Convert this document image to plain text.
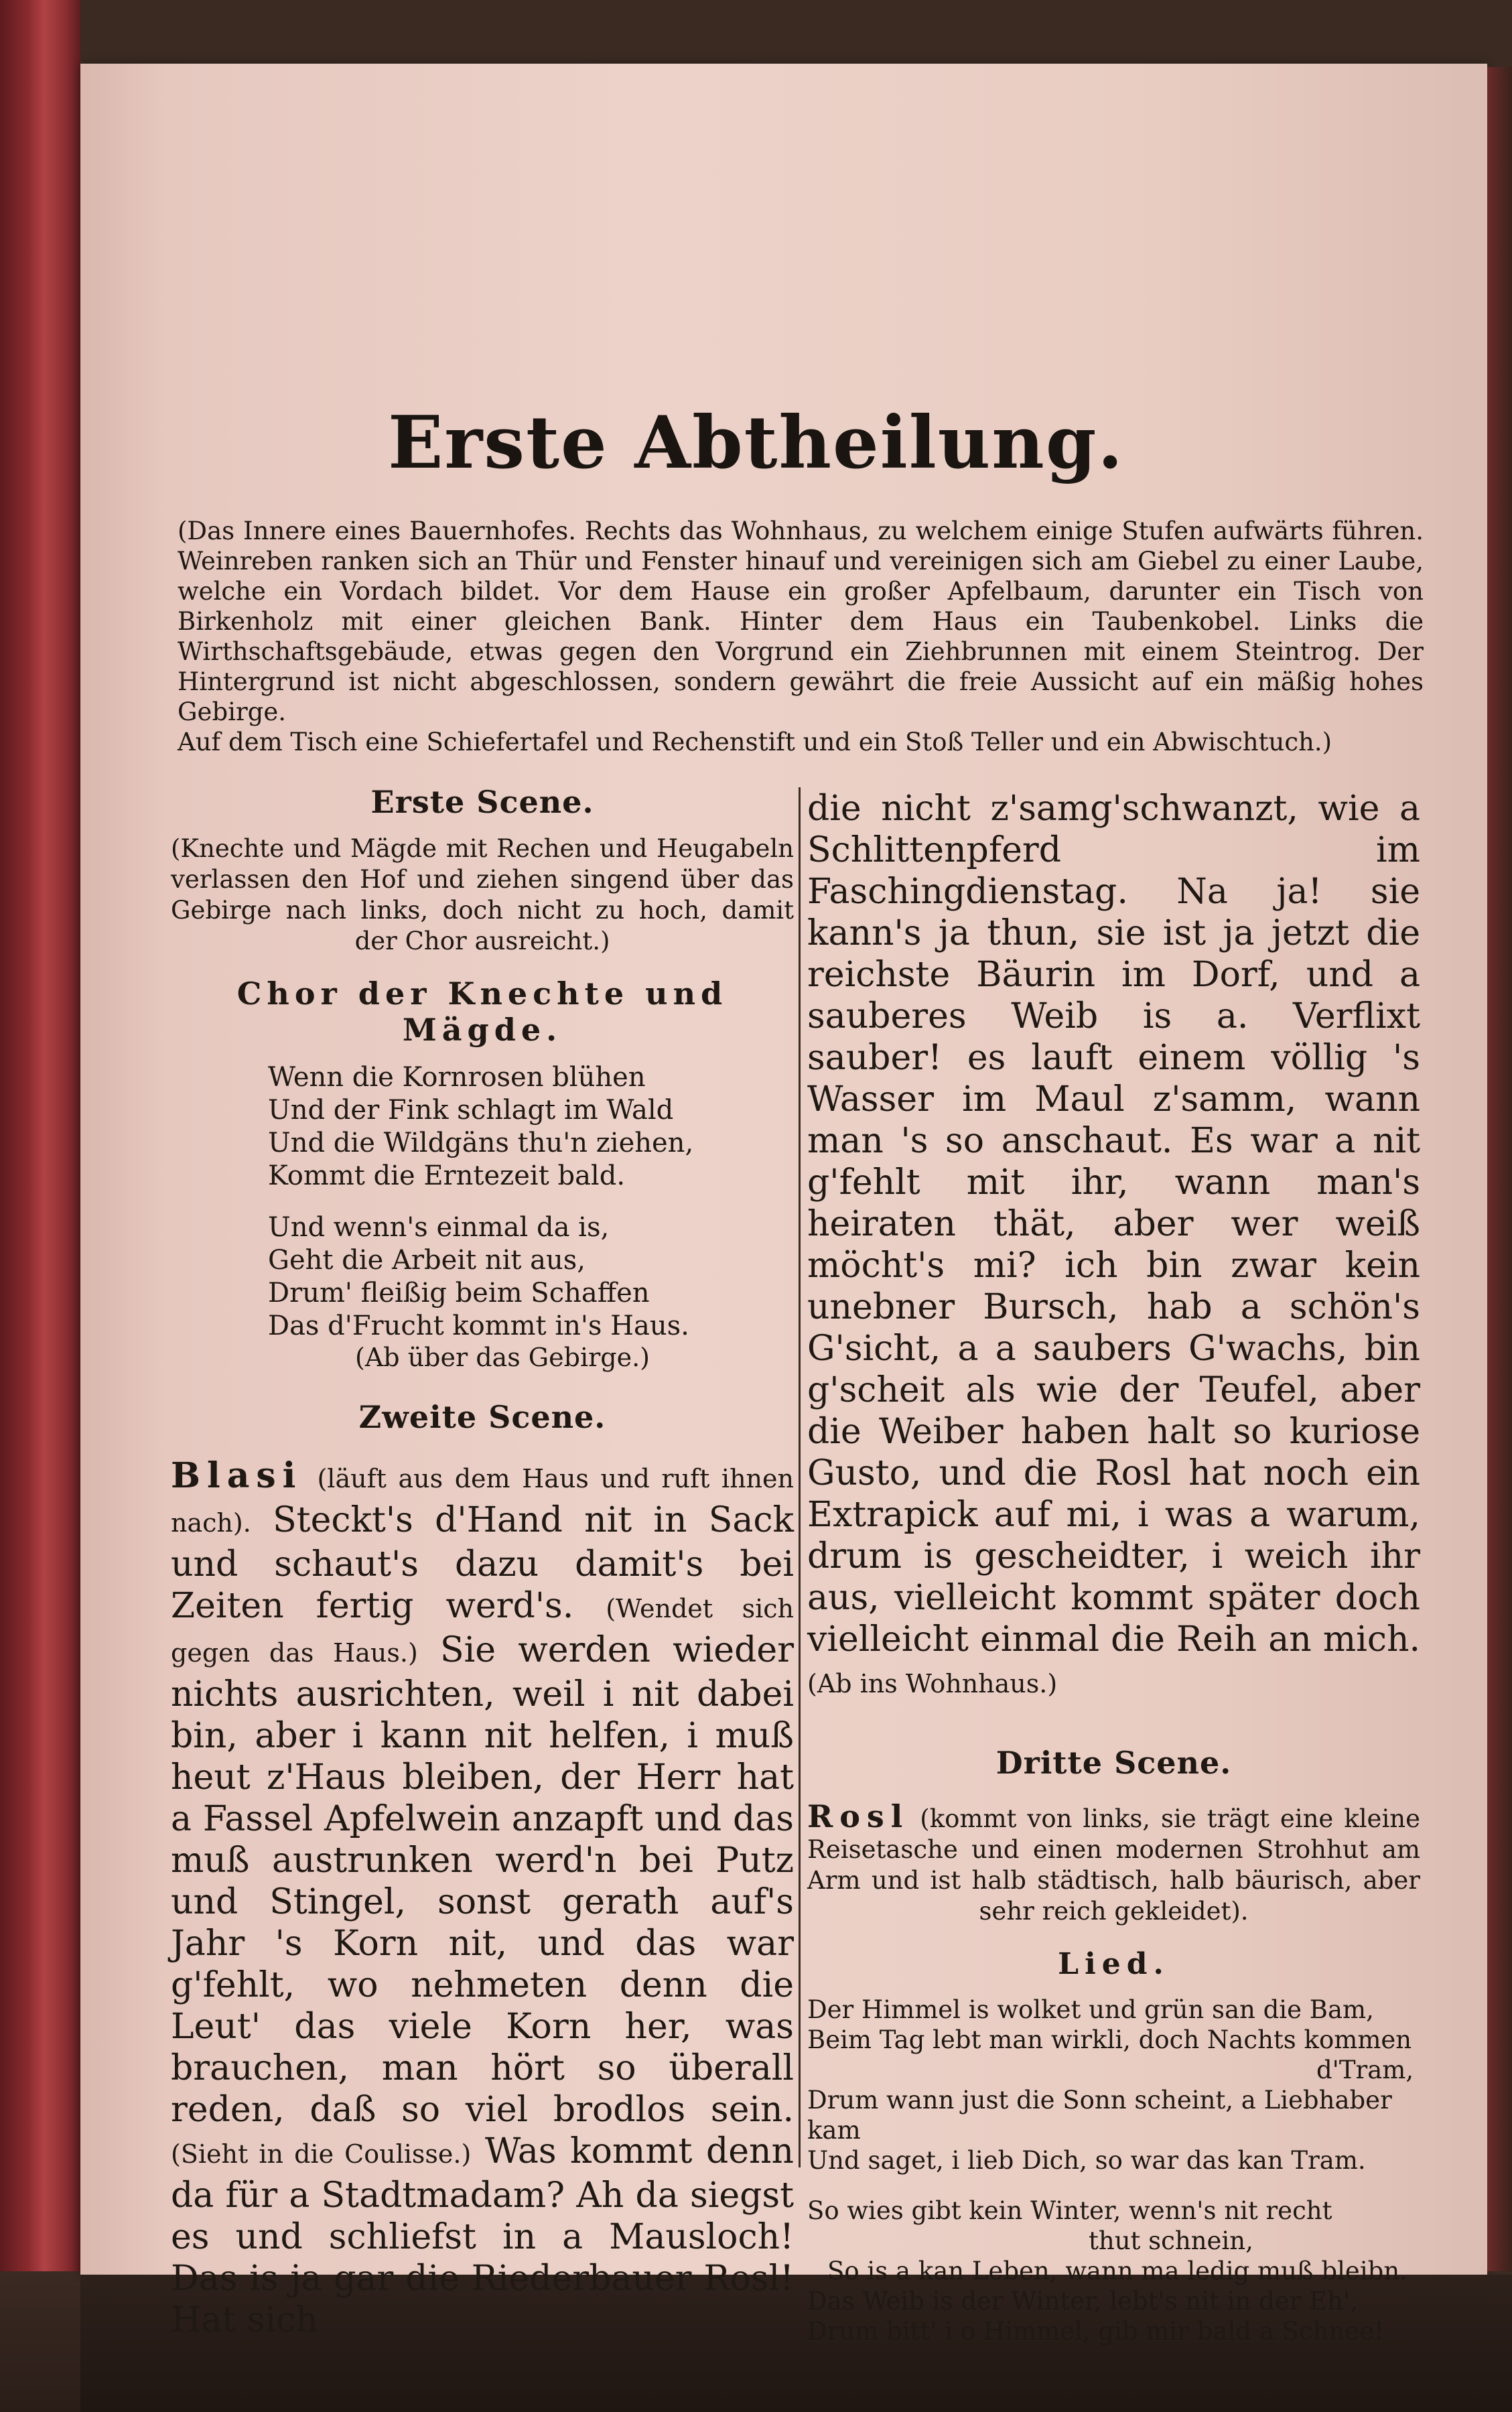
Erste Abtheilung.
(Das Innere eines Bauernhofes. Rechts das Wohnhaus, zu welchem einige Stufen aufwärts führen. Weinreben ranken sich an Thür und Fenster hinauf und vereinigen sich am Giebel zu einer Laube, welche ein Vordach bildet. Vor dem Hause ein großer Apfelbaum, darunter ein Tisch von Birkenholz mit einer gleichen Bank. Hinter dem Haus ein Taubenkobel. Links die Wirthschaftsgebäude, etwas gegen den Vorgrund ein Ziehbrunnen mit einem Steintrog. Der Hintergrund ist nicht abgeschlossen, sondern gewährt die freie Aussicht auf ein mäßig hohes Gebirge.
Auf dem Tisch eine Schiefertafel und Rechenstift und ein Stoß Teller und ein Abwischtuch.)
Erste Scene.
(Knechte und Mägde mit Rechen und Heugabeln verlassen den Hof und ziehen singend über das Gebirge nach links, doch nicht zu hoch, damit der Chor ausreicht.)
Chor der Knechte und Mägde.
Wenn die Kornrosen blühen
Und der Fink schlagt im Wald
Und die Wildgäns thu'n ziehen,
Kommt die Erntezeit bald.
Und wenn's einmal da is,
Geht die Arbeit nit aus,
Drum' fleißig beim Schaffen
Das d'Frucht kommt in's Haus.
(Ab über das Gebirge.)
Zweite Scene.
Blasi (läuft aus dem Haus und ruft ihnen nach). Steckt's d'Hand nit in Sack und schaut's dazu damit's bei Zeiten fertig werd's. (Wendet sich gegen das Haus.) Sie werden wieder nichts ausrichten, weil i nit dabei bin, aber i kann nit helfen, i muß heut z'Haus bleiben, der Herr hat a Fassel Apfelwein anzapft und das muß austrunken werd'n bei Putz und Stingel, sonst gerath auf's Jahr 's Korn nit, und das war g'fehlt, wo nehmeten denn die Leut' das viele Korn her, was brauchen, man hört so überall reden, daß so viel brodlos sein. (Sieht in die Coulisse.) Was kommt denn da für a Stadtmadam? Ah da siegst es und schliefst in a Mausloch! Das is ja gar die Riederbauer Rosl! Hat sich
die nicht z'samg'schwanzt, wie a Schlittenpferd im Faschingdienstag. Na ja! sie kann's ja thun, sie ist ja jetzt die reichste Bäurin im Dorf, und a sauberes Weib is a. Verflixt sauber! es lauft einem völlig 's Wasser im Maul z'samm, wann man 's so anschaut. Es war a nit g'fehlt mit ihr, wann man's heiraten thät, aber wer weiß möcht's mi? ich bin zwar kein unebner Bursch, hab a schön's G'sicht, a a saubers G'wachs, bin g'scheit als wie der Teufel, aber die Weiber haben halt so kuriose Gusto, und die Rosl hat noch ein Extrapick auf mi, i was a warum, drum is gescheidter, i weich ihr aus, vielleicht kommt später doch vielleicht einmal die Reih an mich. (Ab ins Wohnhaus.)
Dritte Scene.
Rosl (kommt von links, sie trägt eine kleine Reisetasche und einen modernen Strohhut am Arm und ist halb städtisch, halb bäurisch, aber sehr reich gekleidet).
Lied.
Der Himmel is wolket und grün san die Bam,
Beim Tag lebt man wirkli, doch Nachts kommen
d'Tram,
Drum wann just die Sonn scheint, a Liebhaber kam
Und saget, i lieb Dich, so war das kan Tram.
So wies gibt kein Winter, wenn's nit recht
thut schnein,
So is a kan Leben, wann ma ledig muß bleibn.
Das Weib is der Winter, lebt's nit in der Eh',
Drum bitt' i o Himmel, gib mir bald a Schnee!
